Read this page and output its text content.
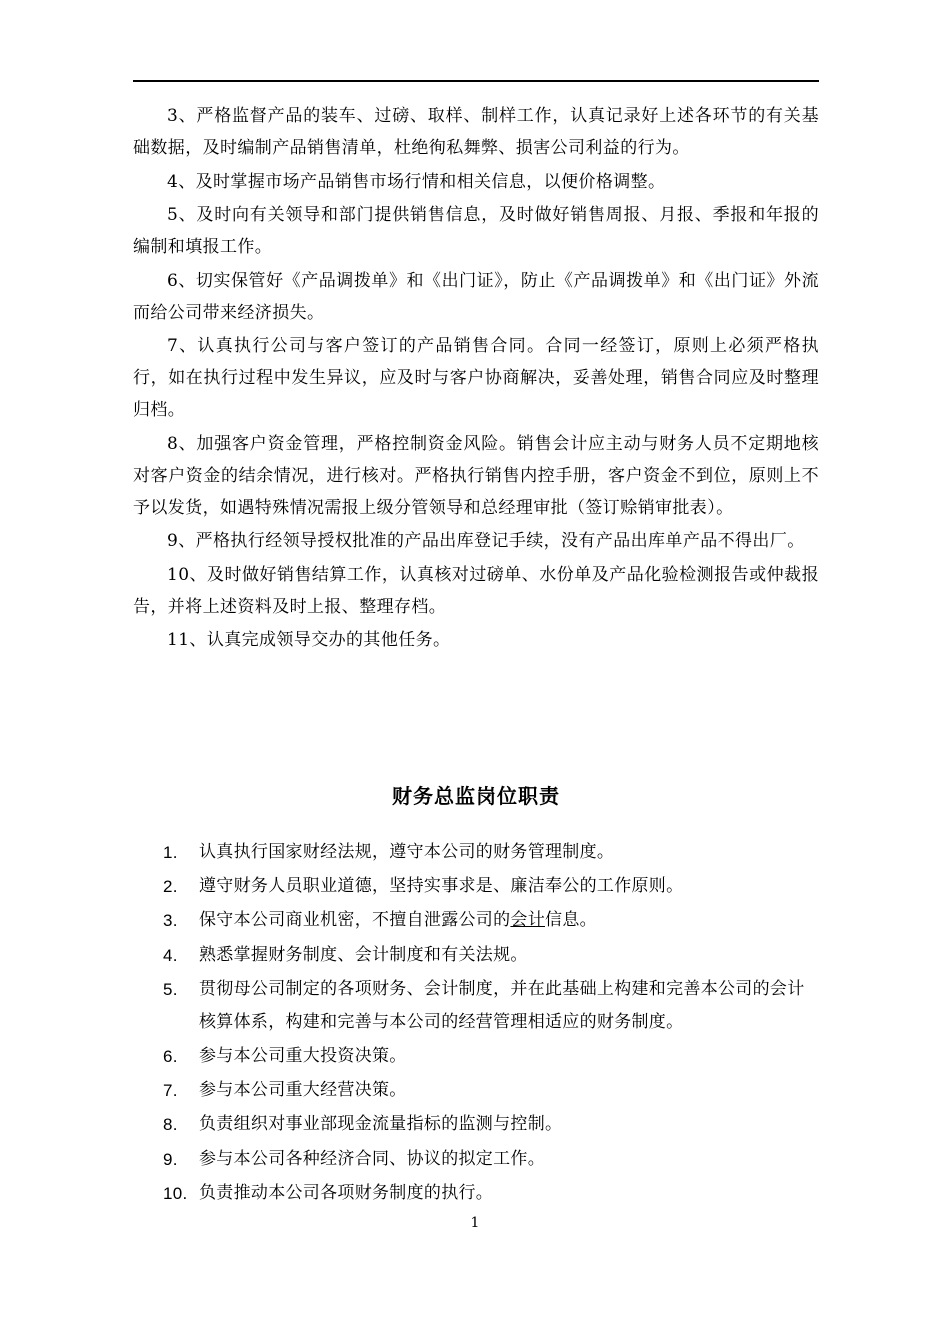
3、严格监督产品的装车、过磅、取样、制样工作，认真记录好上述各环节的有关基础数据，及时编制产品销售清单，杜绝徇私舞弊、损害公司利益的行为。

4、及时掌握市场产品销售市场行情和相关信息，以便价格调整。

5、及时向有关领导和部门提供销售信息，及时做好销售周报、月报、季报和年报的编制和填报工作。

6、切实保管好《产品调拨单》和《出门证》，防止《产品调拨单》和《出门证》外流而给公司带来经济损失。

7、认真执行公司与客户签订的产品销售合同。合同一经签订，原则上必须严格执行，如在执行过程中发生异议，应及时与客户协商解决，妥善处理，销售合同应及时整理归档。

8、加强客户资金管理，严格控制资金风险。销售会计应主动与财务人员不定期地核对客户资金的结余情况，进行核对。严格执行销售内控手册，客户资金不到位，原则上不予以发货，如遇特殊情况需报上级分管领导和总经理审批（签订赊销审批表）。

9、严格执行经领导授权批准的产品出库登记手续，没有产品出库单产品不得出厂。

10、及时做好销售结算工作，认真核对过磅单、水份单及产品化验检测报告或仲裁报告，并将上述资料及时上报、整理存档。

11、认真完成领导交办的其他任务。

财务总监岗位职责
1. 认真执行国家财经法规，遵守本公司的财务管理制度。
2. 遵守财务人员职业道德，坚持实事求是、廉洁奉公的工作原则。
3. 保守本公司商业机密，不擅自泄露公司的会计信息。
4. 熟悉掌握财务制度、会计制度和有关法规。
5. 贯彻母公司制定的各项财务、会计制度，并在此基础上构建和完善本公司的会计核算体系，构建和完善与本公司的经营管理相适应的财务制度。
6. 参与本公司重大投资决策。
7. 参与本公司重大经营决策。
8. 负责组织对事业部现金流量指标的监测与控制。
9. 参与本公司各种经济合同、协议的拟定工作。
10. 负责推动本公司各项财务制度的执行。
1
